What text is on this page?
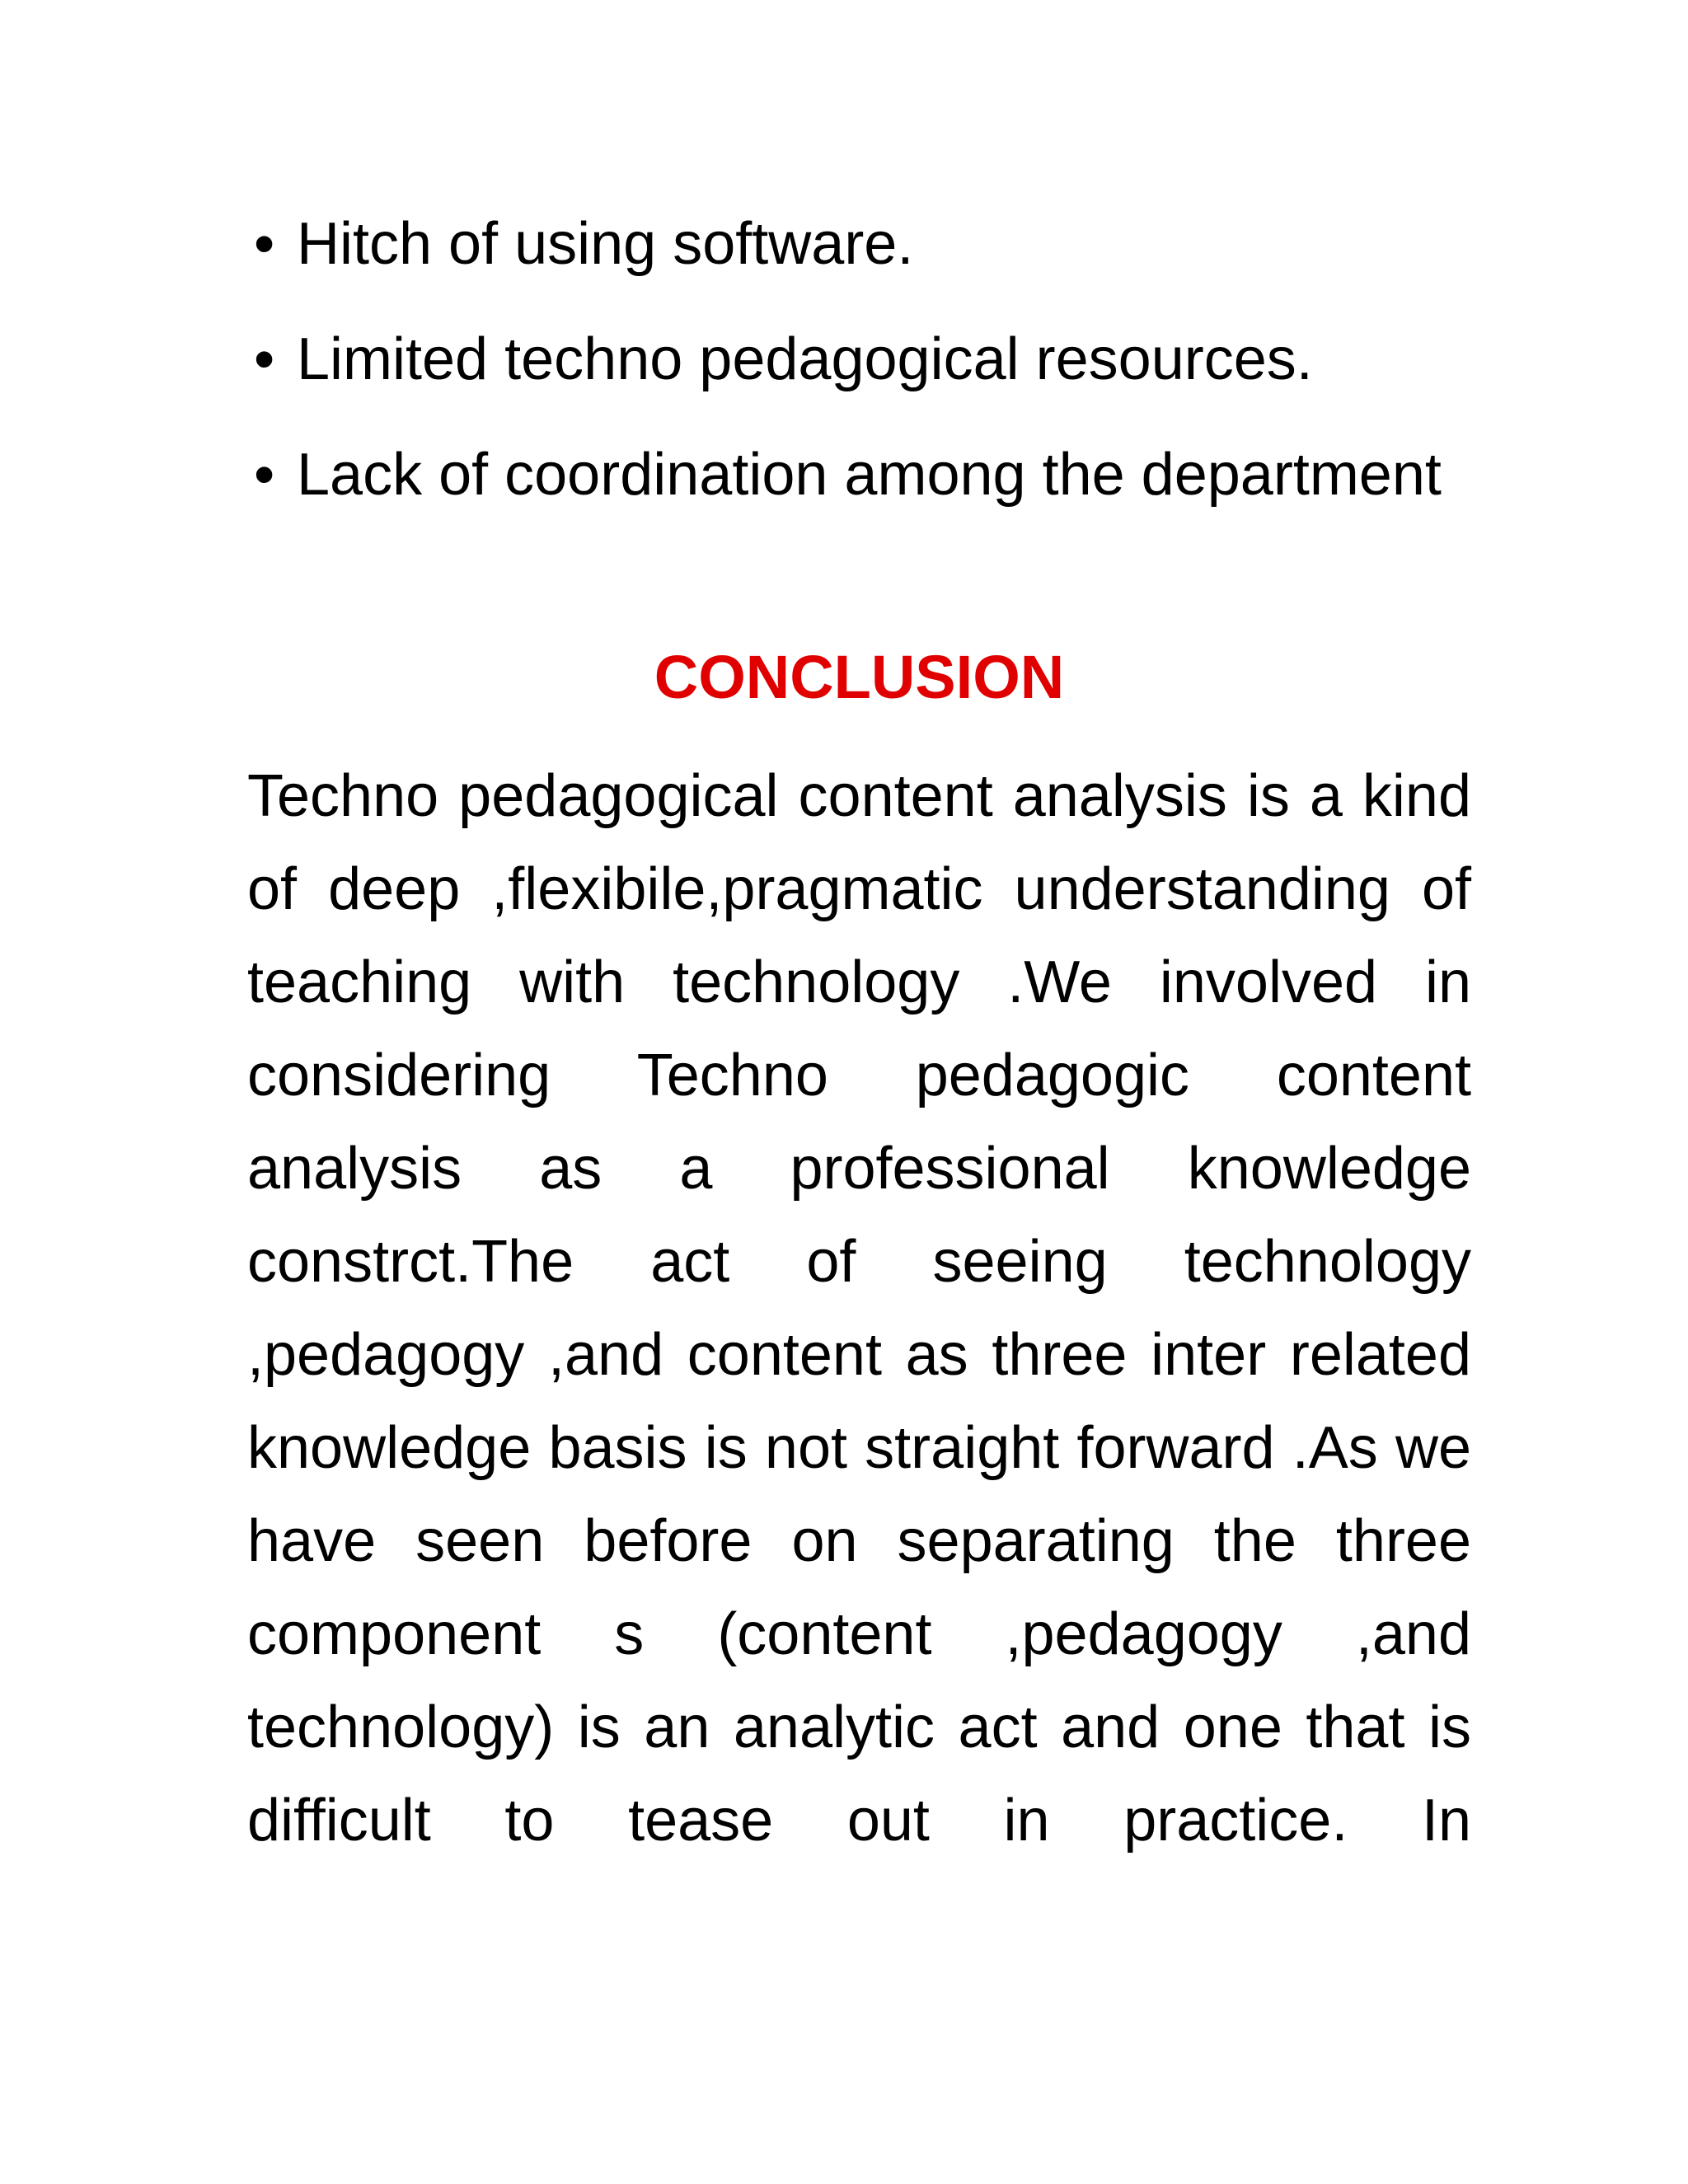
• Hitch of using software.
• Limited techno pedagogical resources.
• Lack of coordination among the department
CONCLUSION

Techno pedagogical content analysis is a kind of deep ,flexibile,pragmatic understanding of teaching with technology .We involved in considering Techno pedagogic content analysis as a professional knowledge constrct.The act of seeing technology ,pedagogy ,and content as three inter related knowledge basis is not straight forward .As we have seen before on separating the three component s (content ,pedagogy ,and technology) is an analytic act and one that is difficult to tease out in practice. In
